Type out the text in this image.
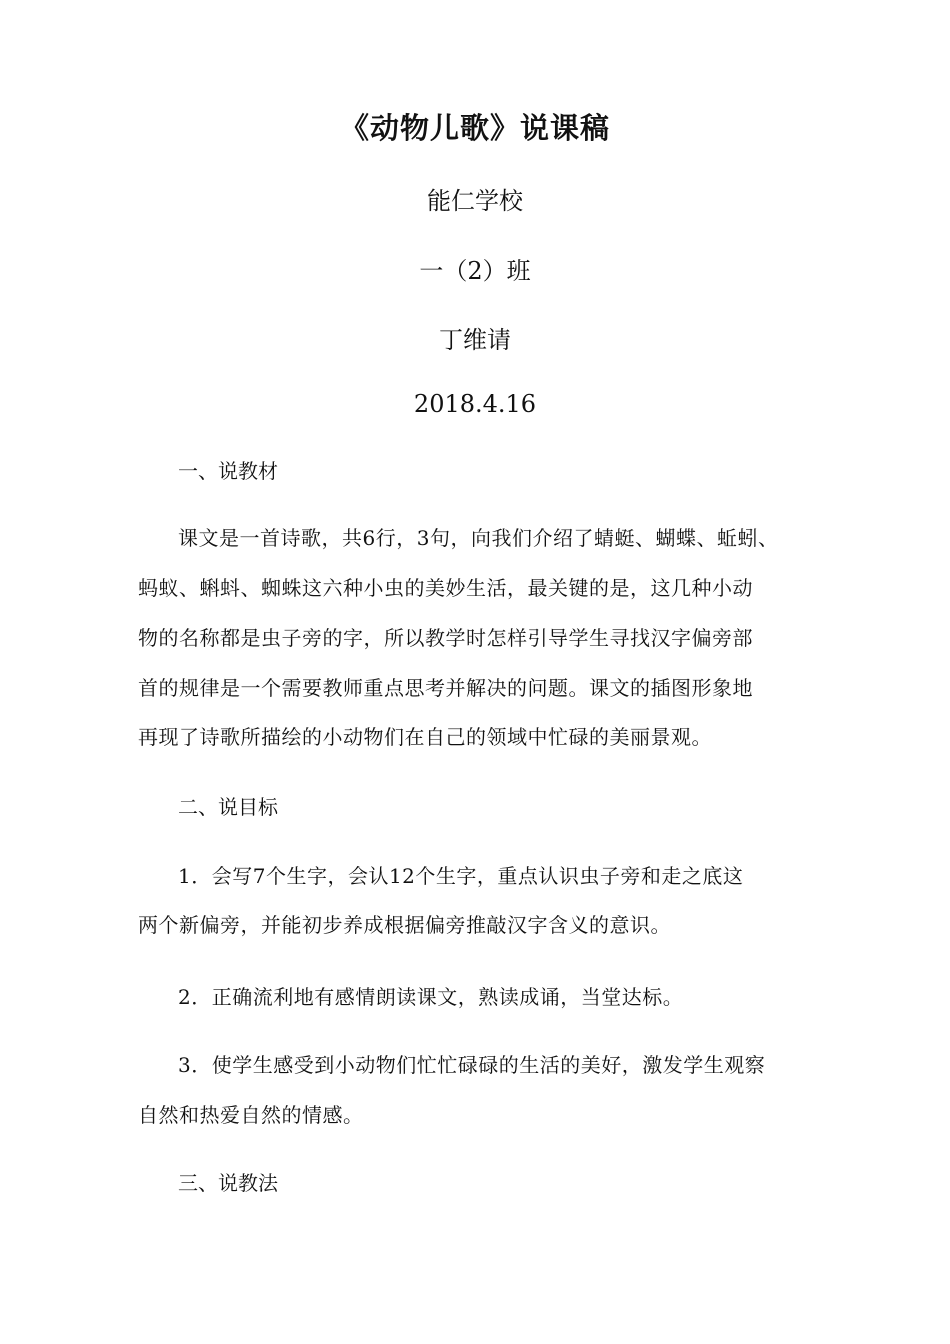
《动物儿歌》说课稿
能仁学校
一（2）班
丁维请
2018.4.16
一、说教材
课文是一首诗歌，共6行，3句，向我们介绍了蜻蜓、蝴蝶、蚯蚓、
蚂蚁、蝌蚪、蜘蛛这六种小虫的美妙生活，最关键的是，这几种小动
物的名称都是虫子旁的字，所以教学时怎样引导学生寻找汉字偏旁部
首的规律是一个需要教师重点思考并解决的问题。课文的插图形象地
再现了诗歌所描绘的小动物们在自己的领域中忙碌的美丽景观。
二、说目标
1．会写7个生字，会认12个生字，重点认识虫子旁和走之底这
两个新偏旁，并能初步养成根据偏旁推敲汉字含义的意识。
2．正确流利地有感情朗读课文，熟读成诵，当堂达标。
3．使学生感受到小动物们忙忙碌碌的生活的美好，激发学生观察
自然和热爱自然的情感。
三、说教法
